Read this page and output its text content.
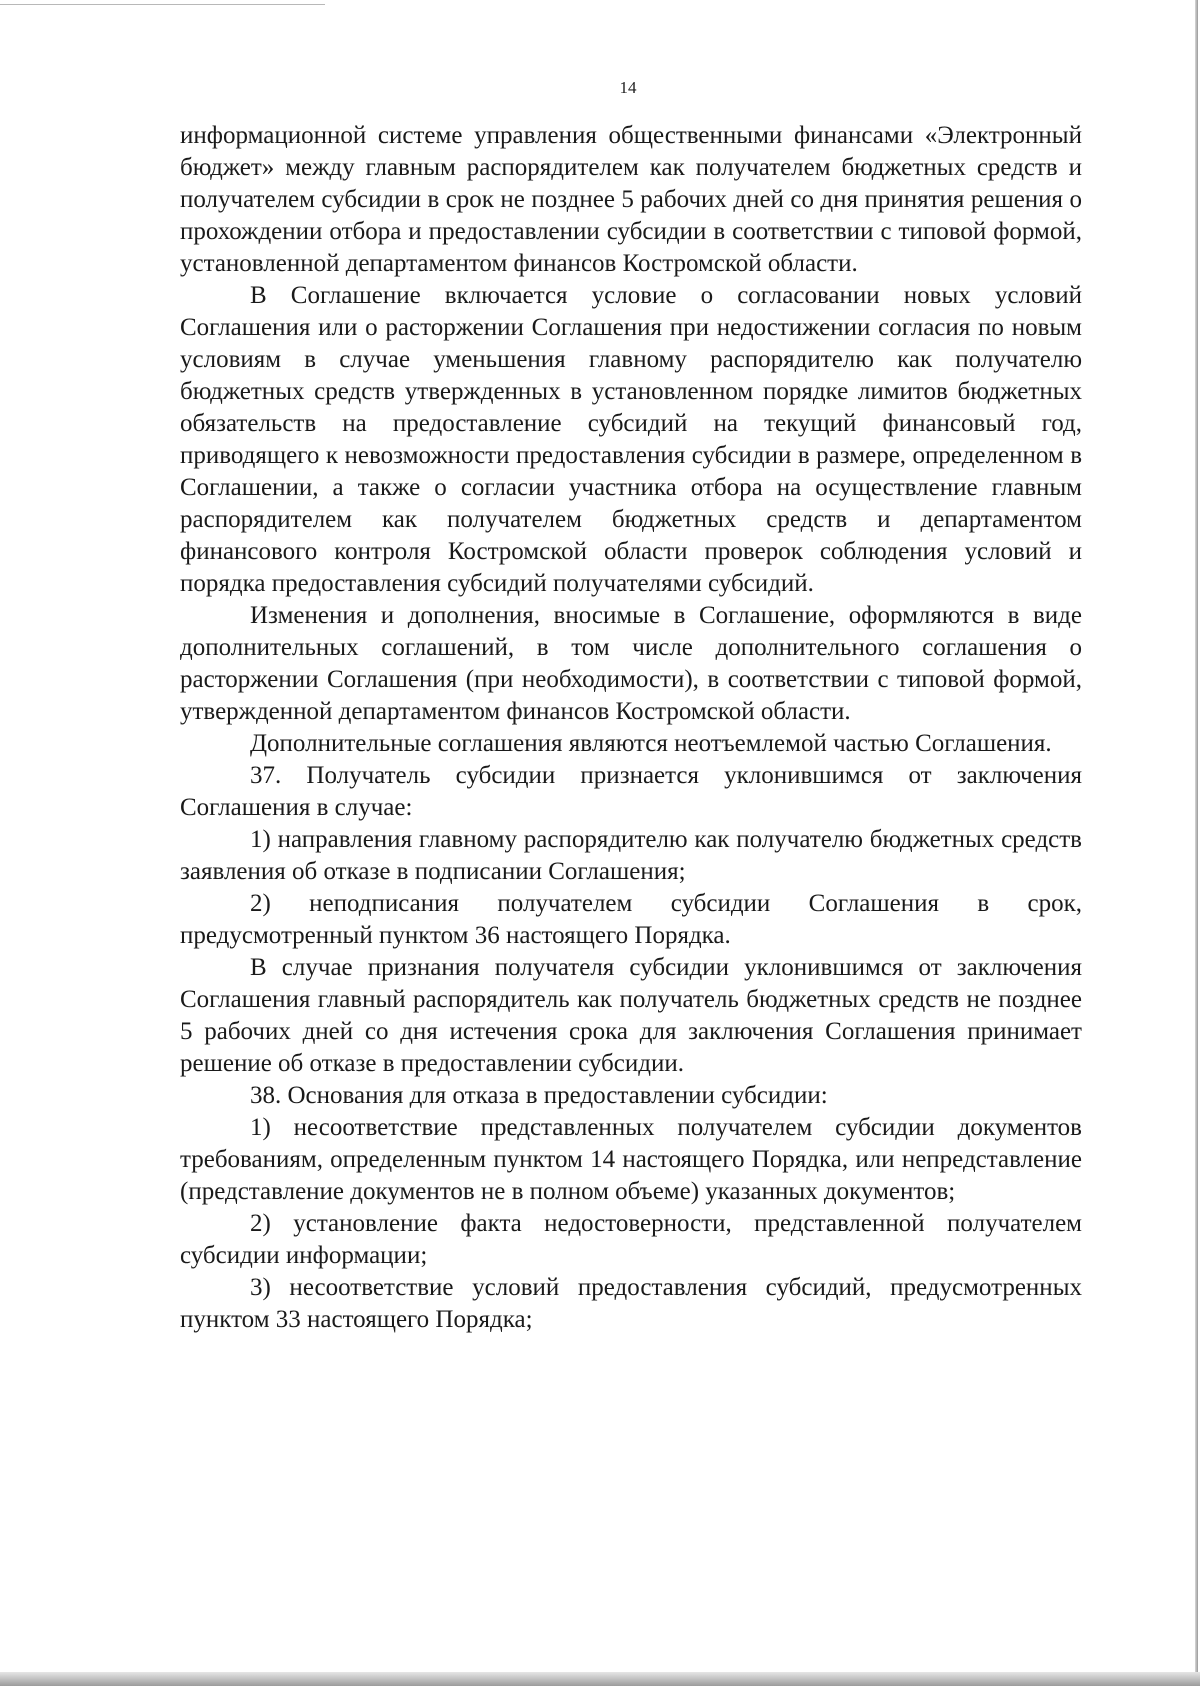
14

информационной системе управления общественными финансами «Электронный бюджет» между главным распорядителем как получателем бюджетных средств и получателем субсидии в срок не позднее 5 рабочих дней со дня принятия решения о прохождении отбора и предоставлении субсидии в соответствии с типовой формой, установленной департаментом финансов Костромской области.

В Соглашение включается условие о согласовании новых условий Соглашения или о расторжении Соглашения при недостижении согласия по новым условиям в случае уменьшения главному распорядителю как получателю бюджетных средств утвержденных в установленном порядке лимитов бюджетных обязательств на предоставление субсидий на текущий финансовый год, приводящего к невозможности предоставления субсидии в размере, определенном в Соглашении, а также о согласии участника отбора на осуществление главным распорядителем как получателем бюджетных средств и департаментом финансового контроля Костромской области проверок соблюдения условий и порядка предоставления субсидий получателями субсидий.

Изменения и дополнения, вносимые в Соглашение, оформляются в виде дополнительных соглашений, в том числе дополнительного соглашения о расторжении Соглашения (при необходимости), в соответствии с типовой формой, утвержденной департаментом финансов Костромской области.

Дополнительные соглашения являются неотъемлемой частью Соглашения.

37. Получатель субсидии признается уклонившимся от заключения Соглашения в случае:

1) направления главному распорядителю как получателю бюджетных средств заявления об отказе в подписании Соглашения;

2) неподписания получателем субсидии Соглашения в срок, предусмотренный пунктом 36 настоящего Порядка.

В случае признания получателя субсидии уклонившимся от заключения Соглашения главный распорядитель как получатель бюджетных средств не позднее 5 рабочих дней со дня истечения срока для заключения Соглашения принимает решение об отказе в предоставлении субсидии.

38. Основания для отказа в предоставлении субсидии:

1) несоответствие представленных получателем субсидии документов требованиям, определенным пунктом 14 настоящего Порядка, или непредставление (представление документов не в полном объеме) указанных документов;

2) установление факта недостоверности, представленной получателем субсидии информации;

3) несоответствие условий предоставления субсидий, предусмотренных пунктом 33 настоящего Порядка;
